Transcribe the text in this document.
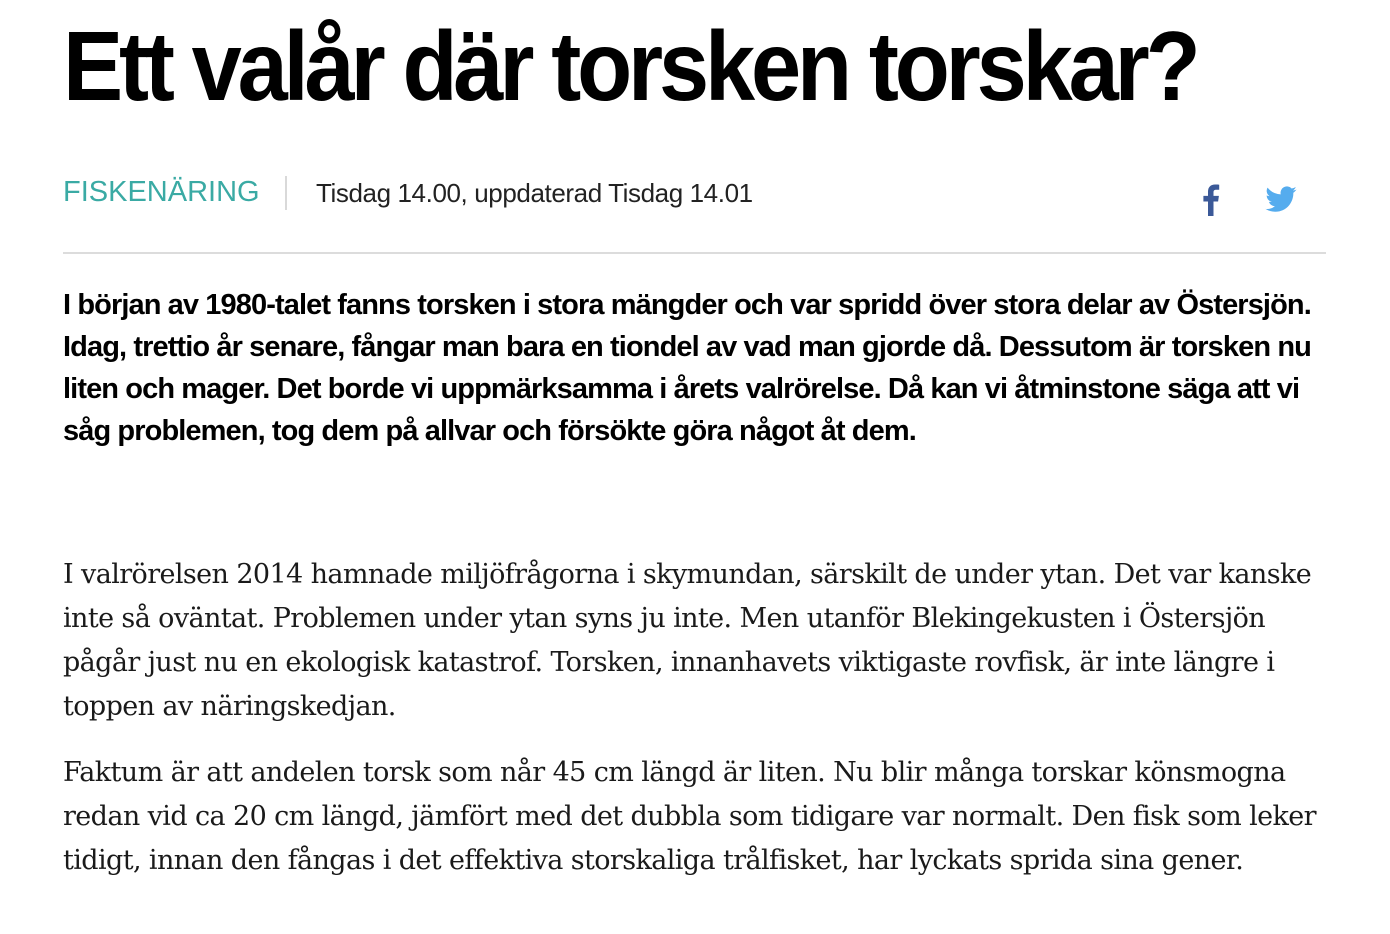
Ett valår där torsken torskar?
FISKENÄRING Tisdag 14.00, uppdaterad Tisdag 14.01

I början av 1980-talet fanns torsken i stora mängder och var spridd över stora delar av Östersjön. Idag, trettio år senare, fångar man bara en tiondel av vad man gjorde då. Dessutom är torsken nu liten och mager. Det borde vi uppmärksamma i årets valrörelse. Då kan vi åtminstone säga att vi såg problemen, tog dem på allvar och försökte göra något åt dem.

I valrörelsen 2014 hamnade miljöfrågorna i skymundan, särskilt de under ytan. Det var kanske inte så oväntat. Problemen under ytan syns ju inte. Men utanför Blekingekusten i Östersjön pågår just nu en ekologisk katastrof. Torsken, innanhavets viktigaste rovfisk, är inte längre i toppen av näringskedjan.

Faktum är att andelen torsk som når 45 cm längd är liten. Nu blir många torskar könsmogna redan vid ca 20 cm längd, jämfört med det dubbla som tidigare var normalt. Den fisk som leker tidigt, innan den fångas i det effektiva storskaliga trålfisket, har lyckats sprida sina gener.
